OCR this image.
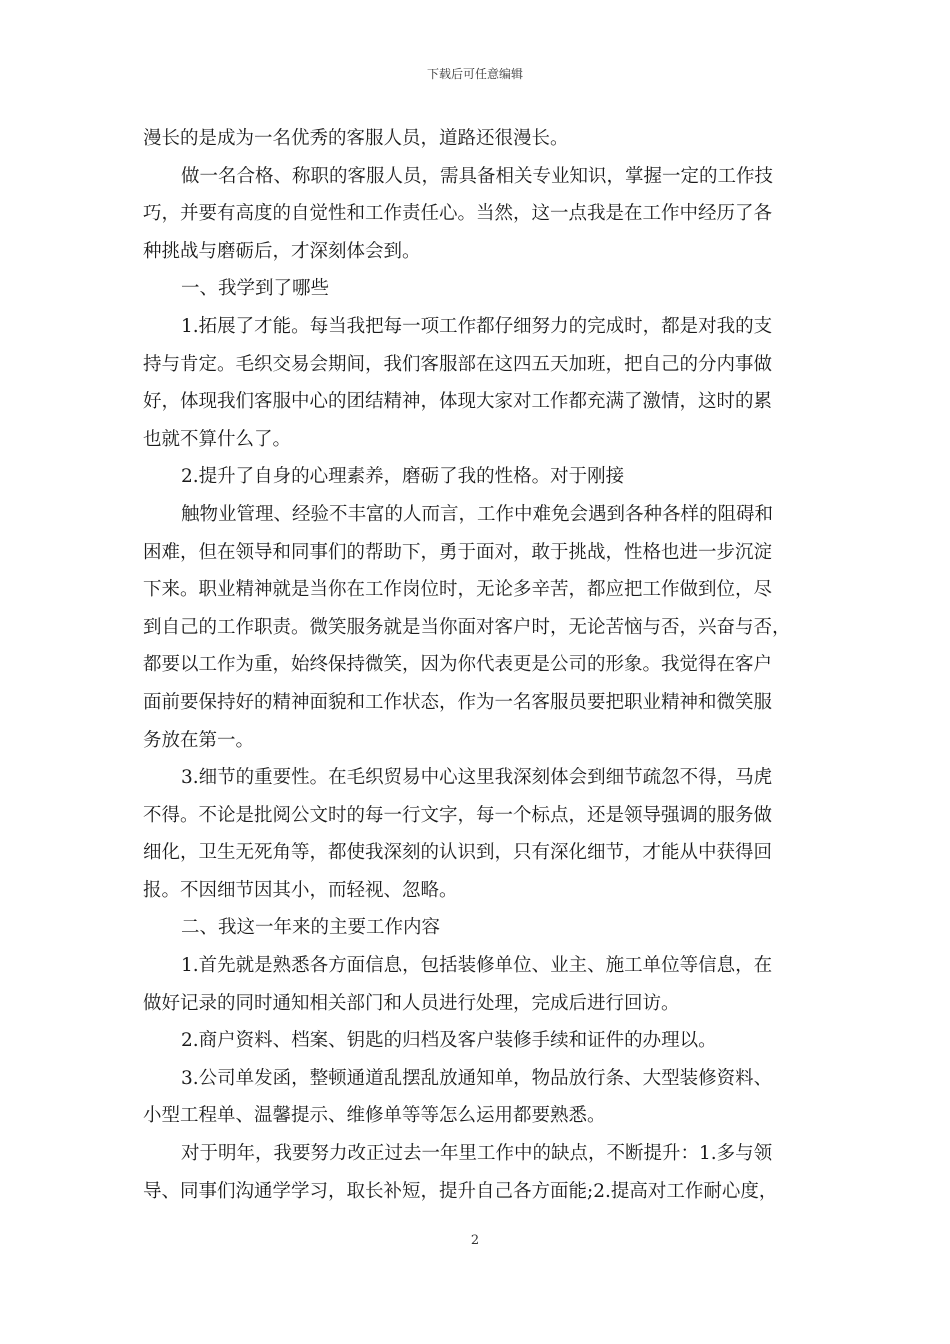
下载后可任意编辑
漫长的是成为一名优秀的客服人员，道路还很漫长。
做一名合格、称职的客服人员，需具备相关专业知识，掌握一定的工作技
巧，并要有高度的自觉性和工作责任心。当然，这一点我是在工作中经历了各
种挑战与磨砺后，才深刻体会到。
一、我学到了哪些
1.拓展了才能。每当我把每一项工作都仔细努力的完成时，都是对我的支
持与肯定。毛织交易会期间，我们客服部在这四五天加班，把自己的分内事做
好，体现我们客服中心的团结精神，体现大家对工作都充满了激情，这时的累
也就不算什么了。
2.提升了自身的心理素养，磨砺了我的性格。对于刚接
触物业管理、经验不丰富的人而言，工作中难免会遇到各种各样的阻碍和
困难，但在领导和同事们的帮助下，勇于面对，敢于挑战，性格也进一步沉淀
下来。职业精神就是当你在工作岗位时，无论多辛苦，都应把工作做到位，尽
到自己的工作职责。微笑服务就是当你面对客户时，无论苦恼与否，兴奋与否，
都要以工作为重，始终保持微笑，因为你代表更是公司的形象。我觉得在客户
面前要保持好的精神面貌和工作状态，作为一名客服员要把职业精神和微笑服
务放在第一。
3.细节的重要性。在毛织贸易中心这里我深刻体会到细节疏忽不得，马虎
不得。不论是批阅公文时的每一行文字，每一个标点，还是领导强调的服务做
细化，卫生无死角等，都使我深刻的认识到，只有深化细节，才能从中获得回
报。不因细节因其小，而轻视、忽略。
二、我这一年来的主要工作内容
1.首先就是熟悉各方面信息，包括装修单位、业主、施工单位等信息，在
做好记录的同时通知相关部门和人员进行处理，完成后进行回访。
2.商户资料、档案、钥匙的归档及客户装修手续和证件的办理以。
3.公司单发函，整顿通道乱摆乱放通知单，物品放行条、大型装修资料、
小型工程单、温馨提示、维修单等等怎么运用都要熟悉。
对于明年，我要努力改正过去一年里工作中的缺点，不断提升：1.多与领
导、同事们沟通学学习，取长补短，提升自己各方面能;2.提高对工作耐心度，
2
